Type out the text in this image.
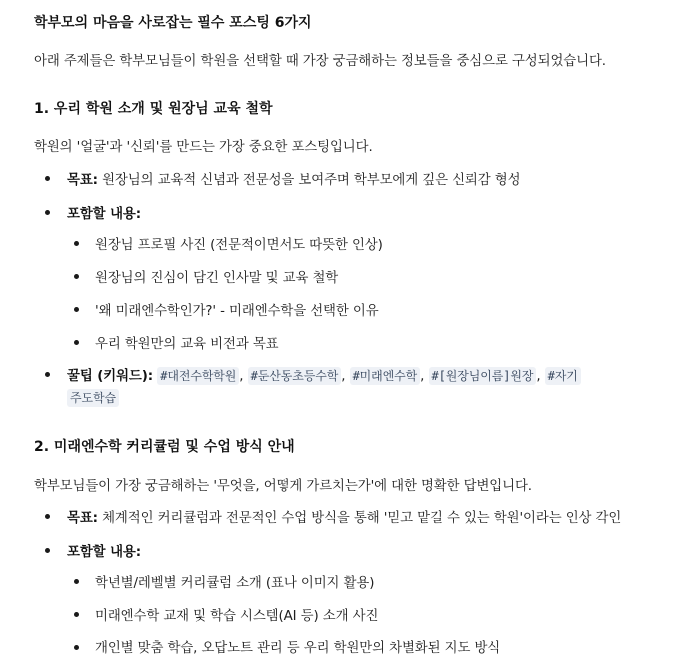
학부모의 마음을 사로잡는 필수 포스팅 6가지
아래 주제들은 학부모님들이 학원을 선택할 때 가장 궁금해하는 정보들을 중심으로 구성되었습니다.
1. 우리 학원 소개 및 원장님 교육 철학
학원의 '얼굴'과 '신뢰'를 만드는 가장 중요한 포스팅입니다.
목표: 원장님의 교육적 신념과 전문성을 보여주며 학부모에게 깊은 신뢰감 형성
포함할 내용:
원장님 프로필 사진 (전문적이면서도 따뜻한 인상)
원장님의 진심이 담긴 인사말 및 교육 철학
'왜 미래엔수학인가?' - 미래엔수학을 선택한 이유
우리 학원만의 교육 비전과 목표
꿀팁 (키워드): #대전수학학원 , #둔산동초등수학 , #미래엔수학 , #[원장님이름]원장 , #자기
주도학습
2. 미래엔수학 커리큘럼 및 수업 방식 안내
학부모님들이 가장 궁금해하는 '무엇을, 어떻게 가르치는가'에 대한 명확한 답변입니다.
목표: 체계적인 커리큘럼과 전문적인 수업 방식을 통해 '믿고 맡길 수 있는 학원'이라는 인상 각인
포함할 내용:
학년별/레벨별 커리큘럼 소개 (표나 이미지 활용)
미래엔수학 교재 및 학습 시스템(AI 등) 소개 사진
개인별 맞춤 학습, 오답노트 관리 등 우리 학원만의 차별화된 지도 방식
